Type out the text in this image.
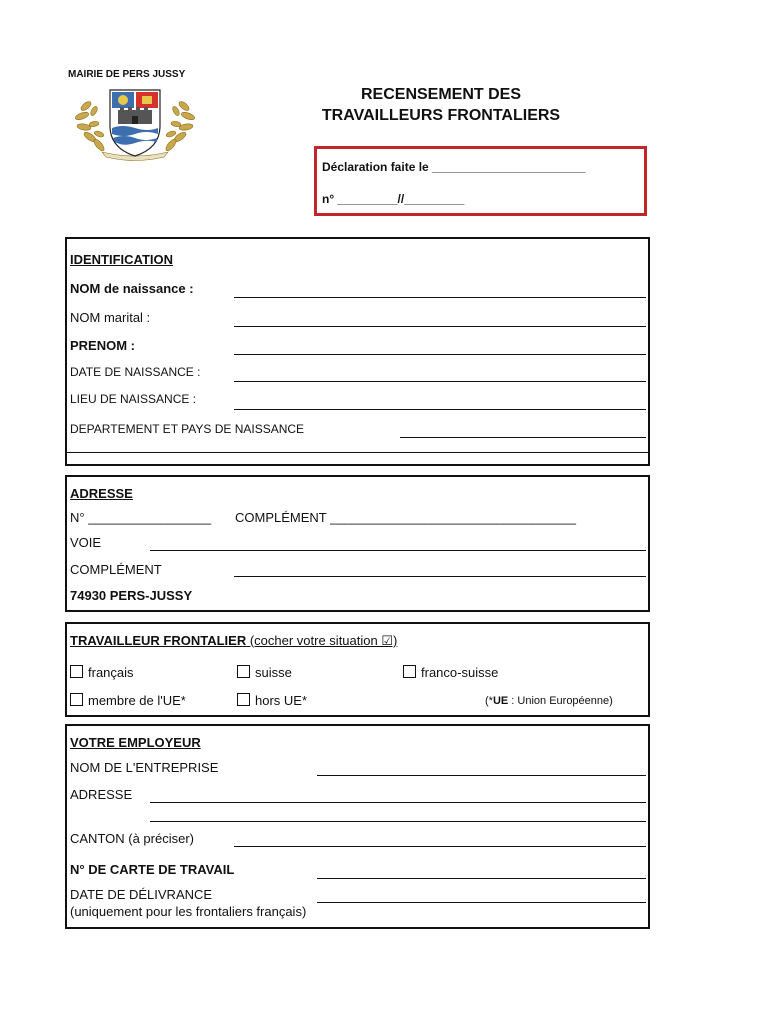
MAIRIE DE PERS JUSSY
RECENSEMENT DES
TRAVAILLEURS FRONTALIERS
Déclaration faite le _______________________
n° _________//_________
IDENTIFICATION
NOM de naissance :
NOM marital :
PRENOM :
DATE DE NAISSANCE :
LIEU DE NAISSANCE :
DEPARTEMENT ET PAYS DE NAISSANCE
ADRESSE
N° _________________ COMPLÉMENT __________________________________
VOIE
COMPLÉMENT
74930 PERS-JUSSY
TRAVAILLEUR FRONTALIER (cocher votre situation ☑)
français	suisse	franco-suisse
membre de l'UE*	hors UE*	(*UE : Union Européenne)
VOTRE EMPLOYEUR
NOM DE L'ENTREPRISE
ADRESSE
CANTON (à préciser)
N° DE CARTE DE TRAVAIL
DATE DE DÉLIVRANCE
(uniquement pour les frontaliers français)
